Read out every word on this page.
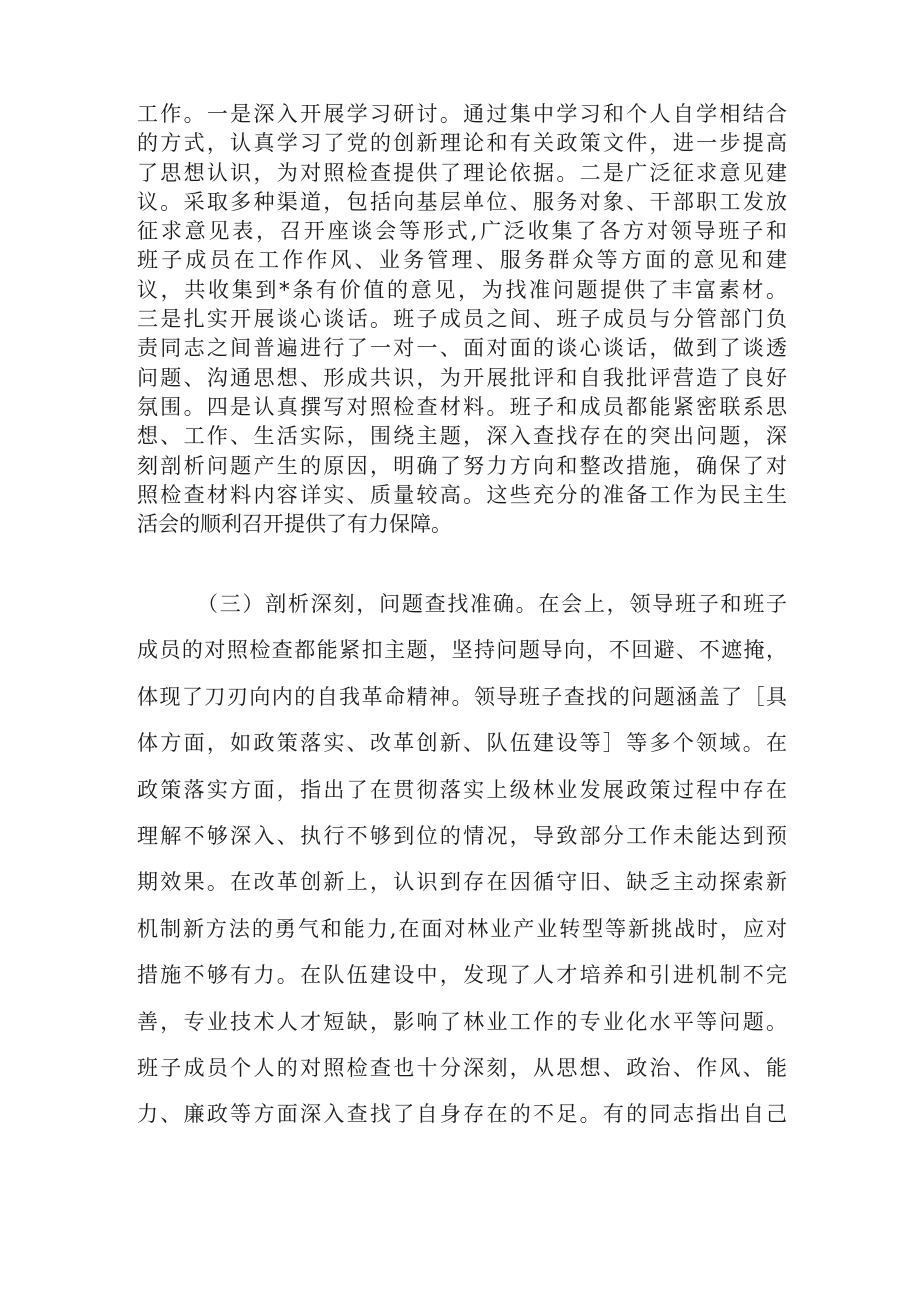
工作。一是深入开展学习研讨。通过集中学习和个人自学相结合
的方式，认真学习了党的创新理论和有关政策文件，进一步提高
了思想认识，为对照检查提供了理论依据。二是广泛征求意见建
议。采取多种渠道，包括向基层单位、服务对象、干部职工发放
征求意见表，召开座谈会等形式,广泛收集了各方对领导班子和
班子成员在工作作风、业务管理、服务群众等方面的意见和建
议，共收集到*条有价值的意见，为找准问题提供了丰富素材。
三是扎实开展谈心谈话。班子成员之间、班子成员与分管部门负
责同志之间普遍进行了一对一、面对面的谈心谈话，做到了谈透
问题、沟通思想、形成共识，为开展批评和自我批评营造了良好
氛围。四是认真撰写对照检查材料。班子和成员都能紧密联系思
想、工作、生活实际，围绕主题，深入查找存在的突出问题，深
刻剖析问题产生的原因，明确了努力方向和整改措施，确保了对
照检查材料内容详实、质量较高。这些充分的准备工作为民主生
活会的顺利召开提供了有力保障。
（三）剖析深刻，问题查找准确。在会上，领导班子和班子
成员的对照检查都能紧扣主题，坚持问题导向，不回避、不遮掩，
体现了刀刃向内的自我革命精神。领导班子查找的问题涵盖了［具
体方面，如政策落实、改革创新、队伍建设等］等多个领域。在
政策落实方面，指出了在贯彻落实上级林业发展政策过程中存在
理解不够深入、执行不够到位的情况，导致部分工作未能达到预
期效果。在改革创新上，认识到存在因循守旧、缺乏主动探索新
机制新方法的勇气和能力,在面对林业产业转型等新挑战时，应对
措施不够有力。在队伍建设中，发现了人才培养和引进机制不完
善，专业技术人才短缺，影响了林业工作的专业化水平等问题。
班子成员个人的对照检查也十分深刻，从思想、政治、作风、能
力、廉政等方面深入查找了自身存在的不足。有的同志指出自己
